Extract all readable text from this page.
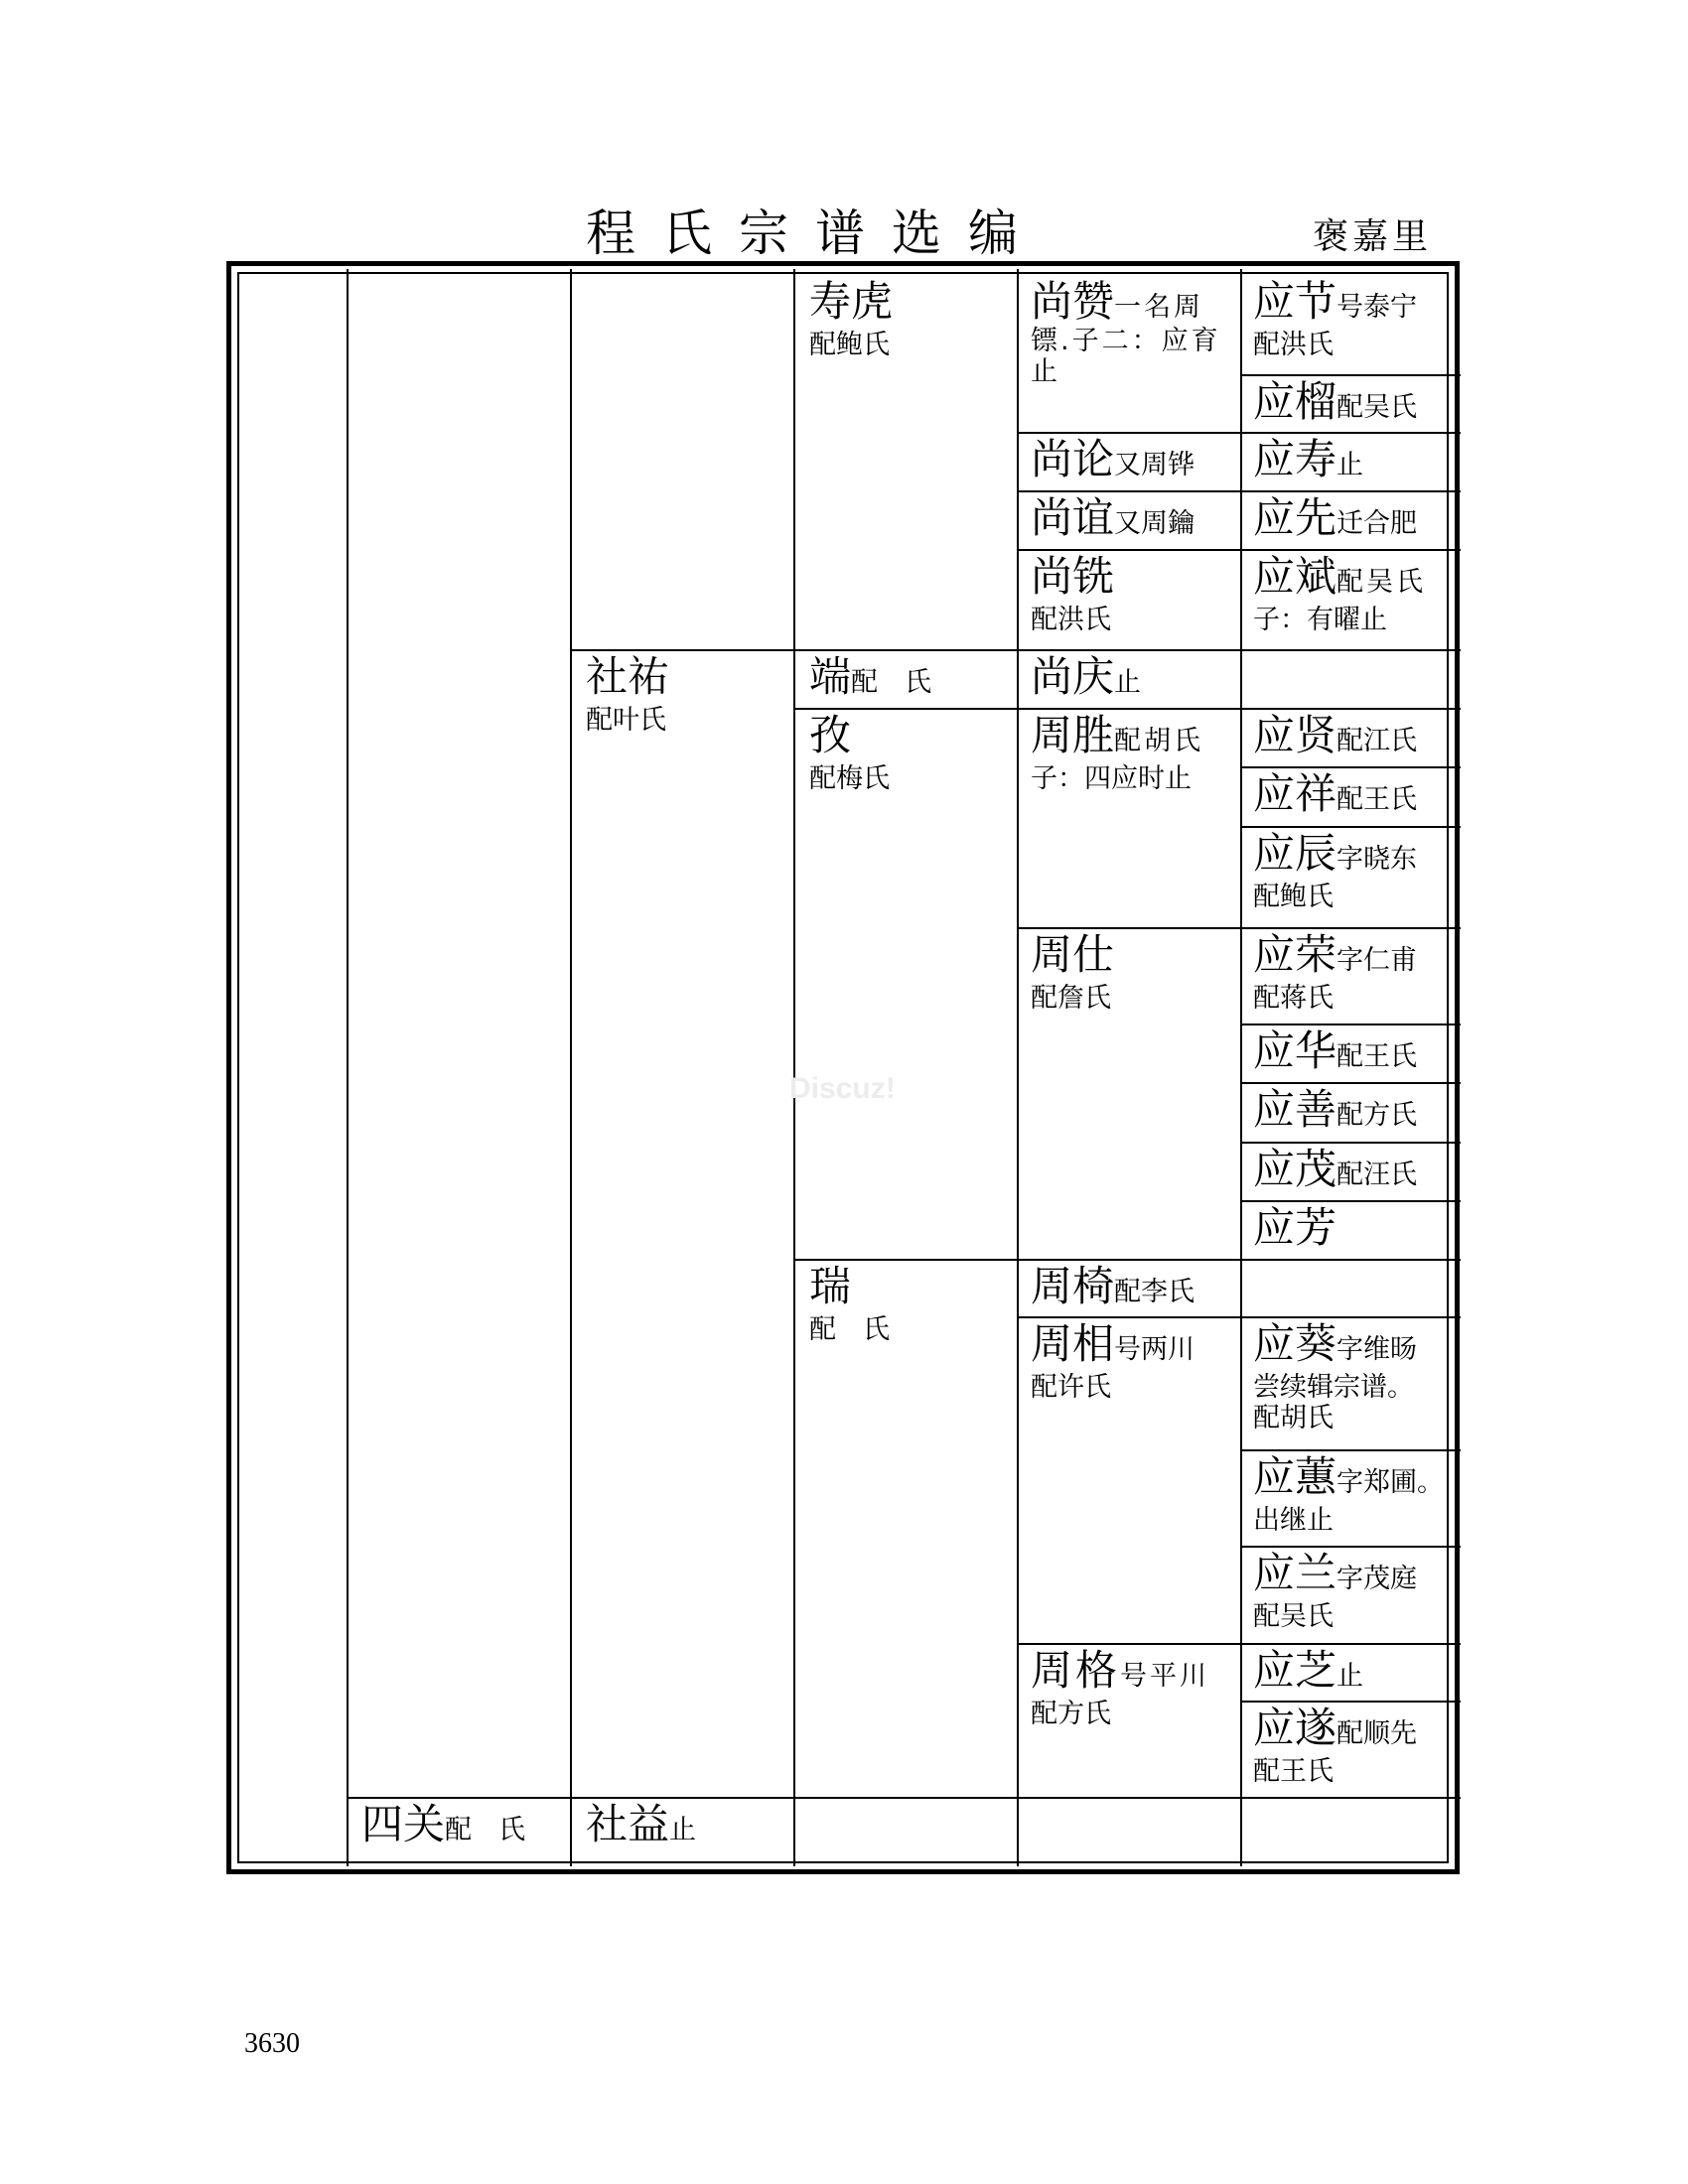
程氏宗谱选编	褒嘉里
寿虎
配鲍氏
尚赞一名周镖.子二：应育止
应节号泰宁
配洪氏
应榴配吴氏
尚论又周铧 应寿止
尚谊又周鑰 应先迁合肥
尚铣
配洪氏
应斌配吴氏
子：有曜止
社祐
配叶氏
端配　氏 尚庆止
孜
配梅氏
周胜配胡氏
子：四应时止
应贤配江氏
应祥配王氏
应辰字晓东
配鲍氏
周仕
配詹氏
应荣字仁甫
配蒋氏
应华配王氏
应善配方氏
应茂配汪氏
应芳
瑞
配　氏
周椅配李氏
周相号两川
配许氏
应葵字维旸
尝续辑宗谱。
配胡氏
应蕙字郑圃。
出继止
应兰字茂庭
配吴氏
周格号平川
配方氏
应芝止
应遂配顺先
配王氏
四关配　氏 社益止
Discuz!
3630
